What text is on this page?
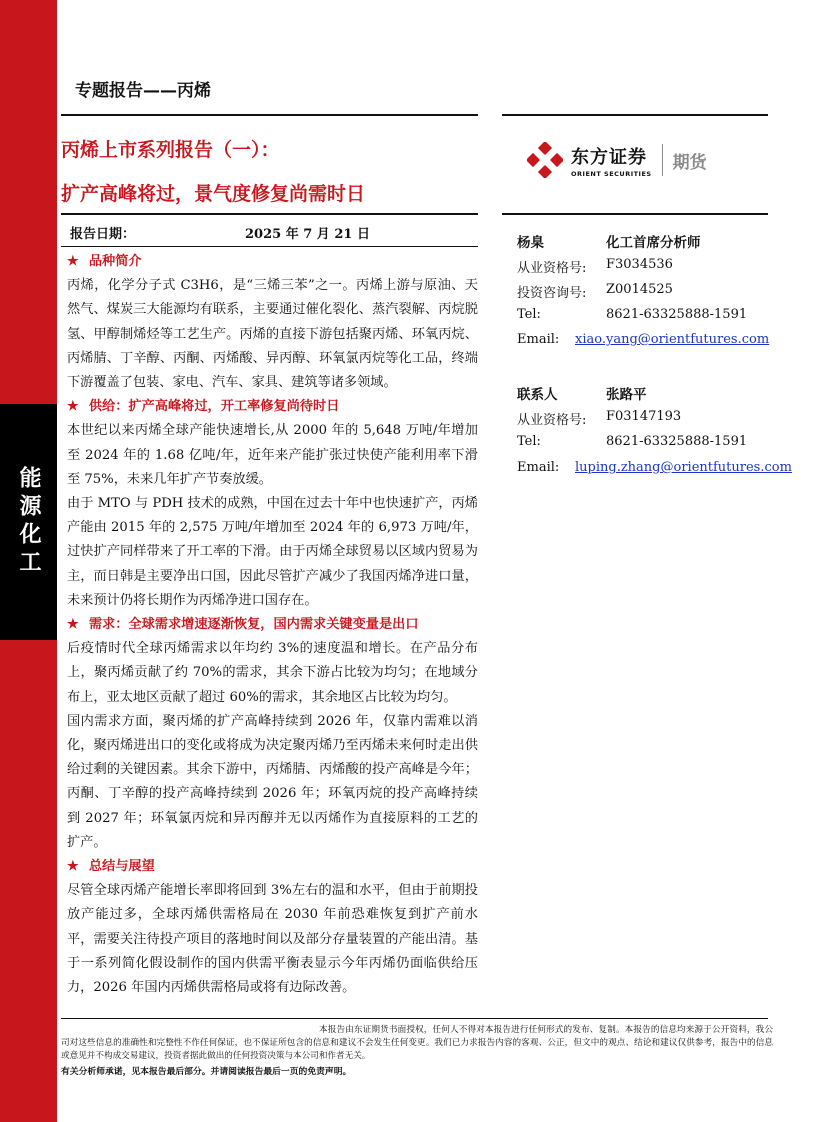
能源化工
专题报告——丙烯
丙烯上市系列报告（一）：
扩产高峰将过，景气度修复尚需时日
东方证券
ORIENT SECURITIES
期货
报告日期：	2025 年 7 月 21 日
★ 品种简介
丙烯，化学分子式 C3H6，是“三烯三苯”之一。丙烯上游与原油、天然气、煤炭三大能源均有联系，主要通过催化裂化、蒸汽裂解、丙烷脱氢、甲醇制烯烃等工艺生产。丙烯的直接下游包括聚丙烯、环氧丙烷、丙烯腈、丁辛醇、丙酮、丙烯酸、异丙醇、环氧氯丙烷等化工品，终端下游覆盖了包装、家电、汽车、家具、建筑等诸多领域。
★ 供给：扩产高峰将过，开工率修复尚待时日
本世纪以来丙烯全球产能快速增长,从 2000 年的 5,648 万吨/年增加至 2024 年的 1.68 亿吨/年，近年来产能扩张过快使产能利用率下滑至 75%，未来几年扩产节奏放缓。
由于 MTO 与 PDH 技术的成熟，中国在过去十年中也快速扩产，丙烯产能由 2015 年的 2,575 万吨/年增加至 2024 年的 6,973 万吨/年，过快扩产同样带来了开工率的下滑。由于丙烯全球贸易以区域内贸易为主，而日韩是主要净出口国，因此尽管扩产减少了我国丙烯净进口量，未来预计仍将长期作为丙烯净进口国存在。
★ 需求：全球需求增速逐渐恢复，国内需求关键变量是出口
后疫情时代全球丙烯需求以年均约 3%的速度温和增长。在产品分布上，聚丙烯贡献了约 70%的需求，其余下游占比较为均匀；在地域分布上，亚太地区贡献了超过 60%的需求，其余地区占比较为均匀。
国内需求方面，聚丙烯的扩产高峰持续到 2026 年，仅靠内需难以消化，聚丙烯进出口的变化或将成为决定聚丙烯乃至丙烯未来何时走出供给过剩的关键因素。其余下游中，丙烯腈、丙烯酸的投产高峰是今年；丙酮、丁辛醇的投产高峰持续到 2026 年；环氧丙烷的投产高峰持续到 2027 年；环氧氯丙烷和异丙醇并无以丙烯作为直接原料的工艺的扩产。
★ 总结与展望
尽管全球丙烯产能增长率即将回到 3%左右的温和水平，但由于前期投放产能过多，全球丙烯供需格局在 2030 年前恐难恢复到扩产前水平，需要关注待投产项目的落地时间以及部分存量装置的产能出清。基于一系列简化假设制作的国内供需平衡表显示今年丙烯仍面临供给压力，2026 年国内丙烯供需格局或将有边际改善。
杨臬	化工首席分析师
从业资格号: F3034536
投资咨询号: Z0014525
Tel:	8621-63325888-1591
Email: xiao.yang@orientfutures.com
联系人	张路平
从业资格号: F03147193
Tel:	8621-63325888-1591
Email: luping.zhang@orientfutures.com
本报告由东证期货书面授权，任何人不得对本报告进行任何形式的发布、复制。本报告的信息均来源于公开资料，我公司对这些信息的准确性和完整性不作任何保证，也不保证所包含的信息和建议不会发生任何变更。我们已力求报告内容的客观、公正，但文中的观点、结论和建议仅供参考，报告中的信息或意见并不构成交易建议，投资者据此做出的任何投资决策与本公司和作者无关。
有关分析师承诺，见本报告最后部分。并请阅读报告最后一页的免责声明。
